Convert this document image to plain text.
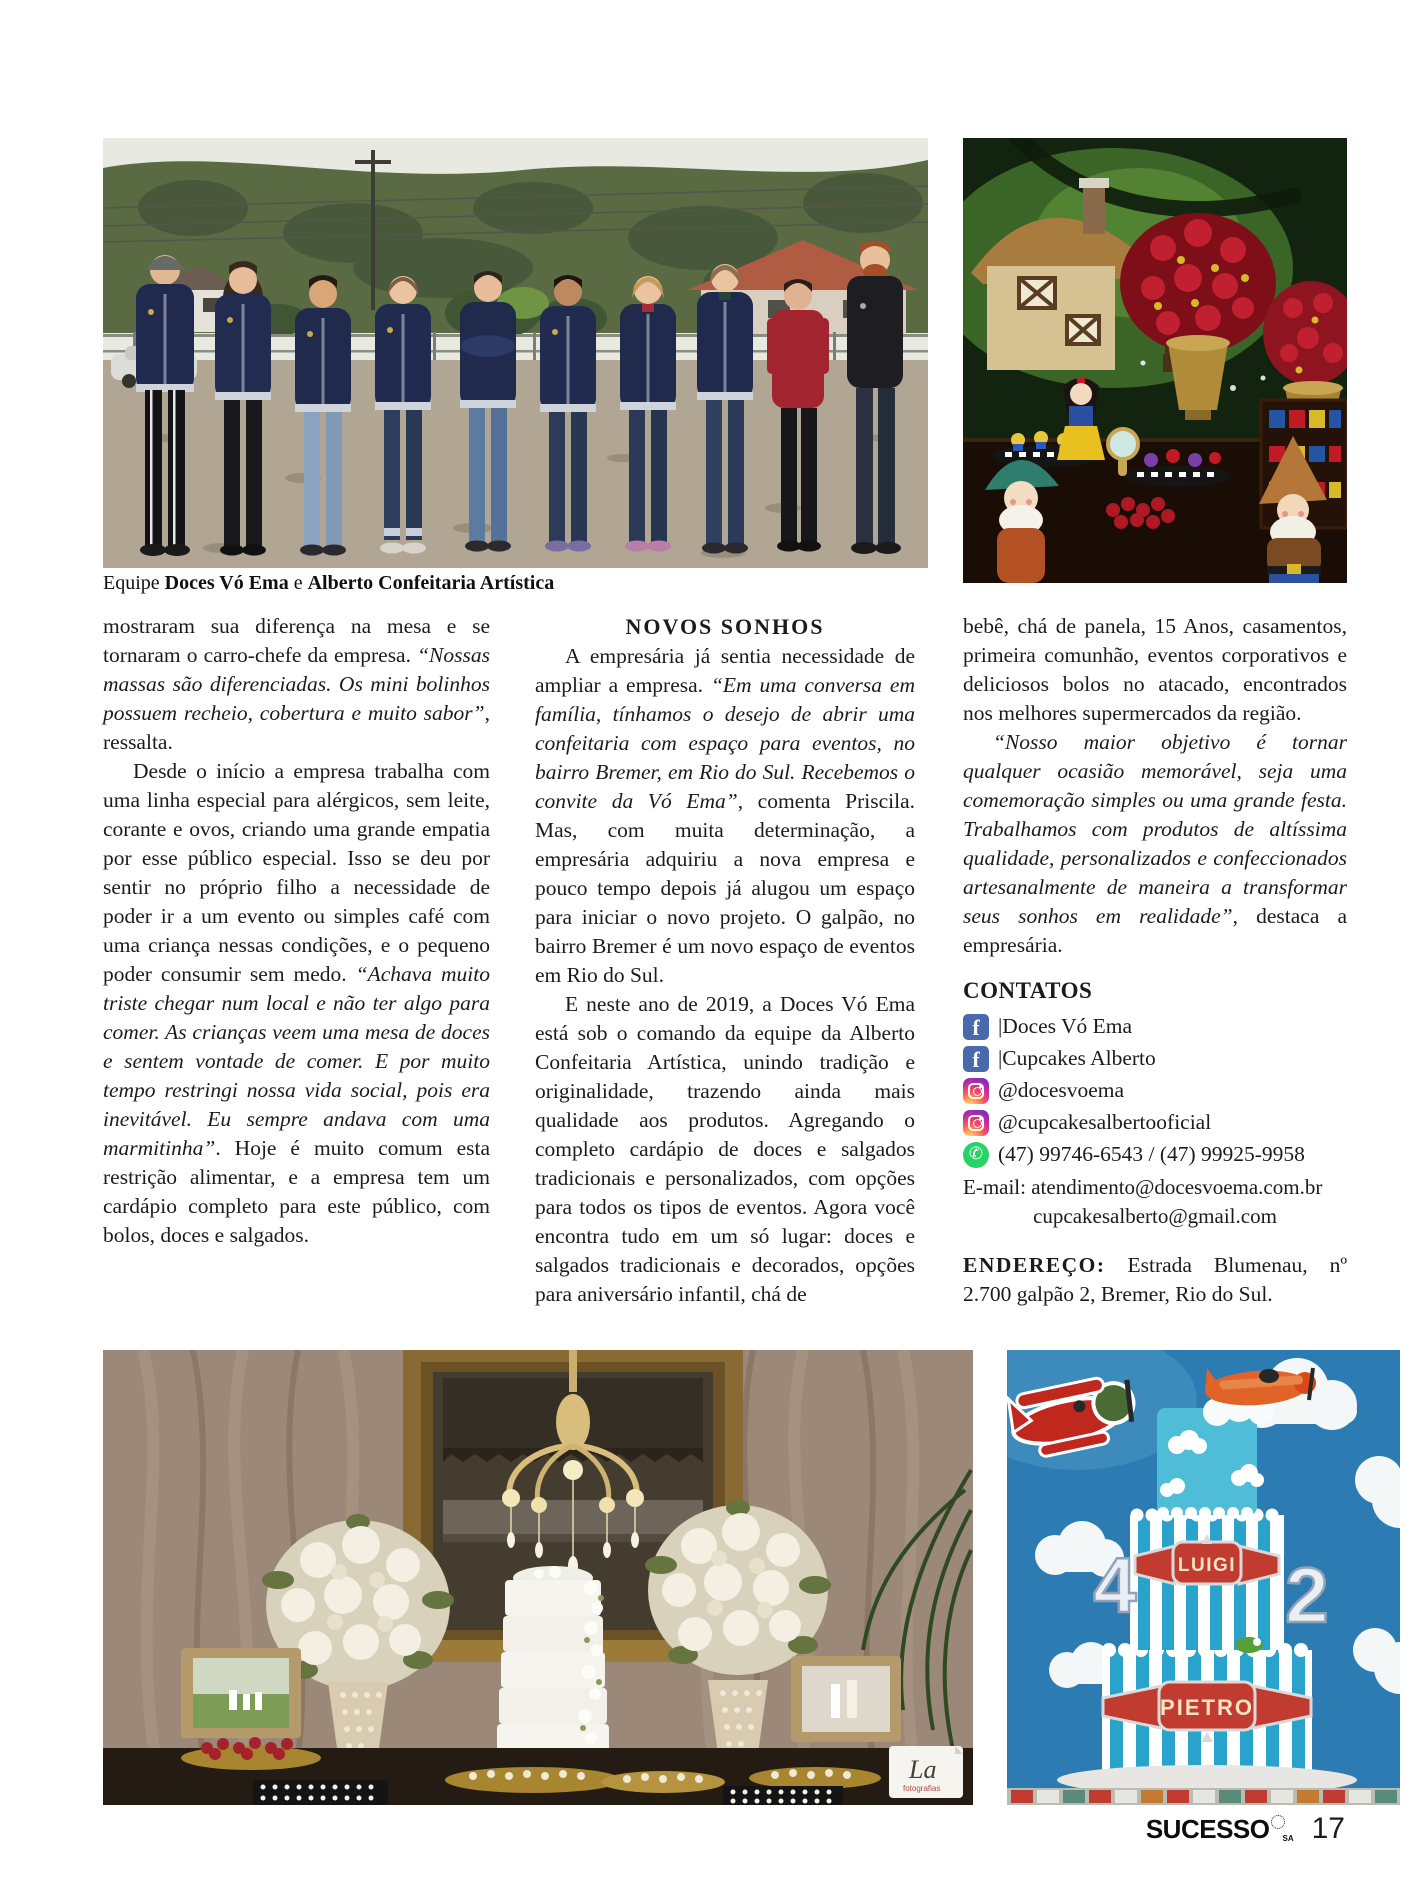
Equipe Doces Vó Ema e Alberto Confeitaria Artística

mostraram sua diferença na mesa e se tornaram o carro-chefe da empresa. “Nossas massas são diferenciadas. Os mini bolinhos possuem recheio, cobertura e muito sabor”, ressalta.

Desde o início a empresa trabalha com uma linha especial para alérgicos, sem leite, corante e ovos, criando uma grande empatia por esse público especial. Isso se deu por sentir no próprio filho a necessidade de poder ir a um evento ou simples café com uma criança nessas condições, e o pequeno poder consumir sem medo. “Achava muito triste chegar num local e não ter algo para comer. As crianças veem uma mesa de doces e sentem vontade de comer. E por muito tempo restringi nossa vida social, pois era inevitável. Eu sempre andava com uma marmitinha”. Hoje é muito comum esta restrição alimentar, e a empresa tem um cardápio completo para este público, com bolos, doces e salgados.

NOVOS SONHOS

A empresária já sentia necessidade de ampliar a empresa. “Em uma conversa em família, tínhamos o desejo de abrir uma confeitaria com espaço para eventos, no bairro Bremer, em Rio do Sul. Recebemos o convite da Vó Ema”, comenta Priscila. Mas, com muita determinação, a empresária adquiriu a nova empresa e pouco tempo depois já alugou um espaço para iniciar o novo projeto. O galpão, no bairro Bremer é um novo espaço de eventos em Rio do Sul.

E neste ano de 2019, a Doces Vó Ema está sob o comando da equipe da Alberto Confeitaria Artística, unindo tradição e originalidade, trazendo ainda mais qualidade aos produtos. Agregando o completo cardápio de doces e salgados tradicionais e personalizados, com opções para todos os tipos de eventos. Agora você encontra tudo em um só lugar: doces e salgados tradicionais e decorados, opções para aniversário infantil, chá de

bebê, chá de panela, 15 Anos, casamentos, primeira comunhão, eventos corporativos e deliciosos bolos no atacado, encontrados nos melhores supermercados da região.

“Nosso maior objetivo é tornar qualquer ocasião memorável, seja uma comemoração simples ou uma grande festa. Trabalhamos com produtos de altíssima qualidade, personalizados e confeccionados artesanalmente de maneira a transformar seus sonhos em realidade”, destaca a empresária.

CONTATOS
f |Doces Vó Ema
f |Cupcakes Alberto
@docesvoema
@cupcakesalbertooficial
✆ (47) 99746-6543 / (47) 99925-9958
E-mail: atendimento@docesvoema.com.br
cupcakesalberto@gmail.com

ENDEREÇO: Estrada Blumenau, nº 2.700 galpão 2, Bremer, Rio do Sul.

La
fotografias
LUIGI
PIETRO
4 2
SUCESSO SA 17
